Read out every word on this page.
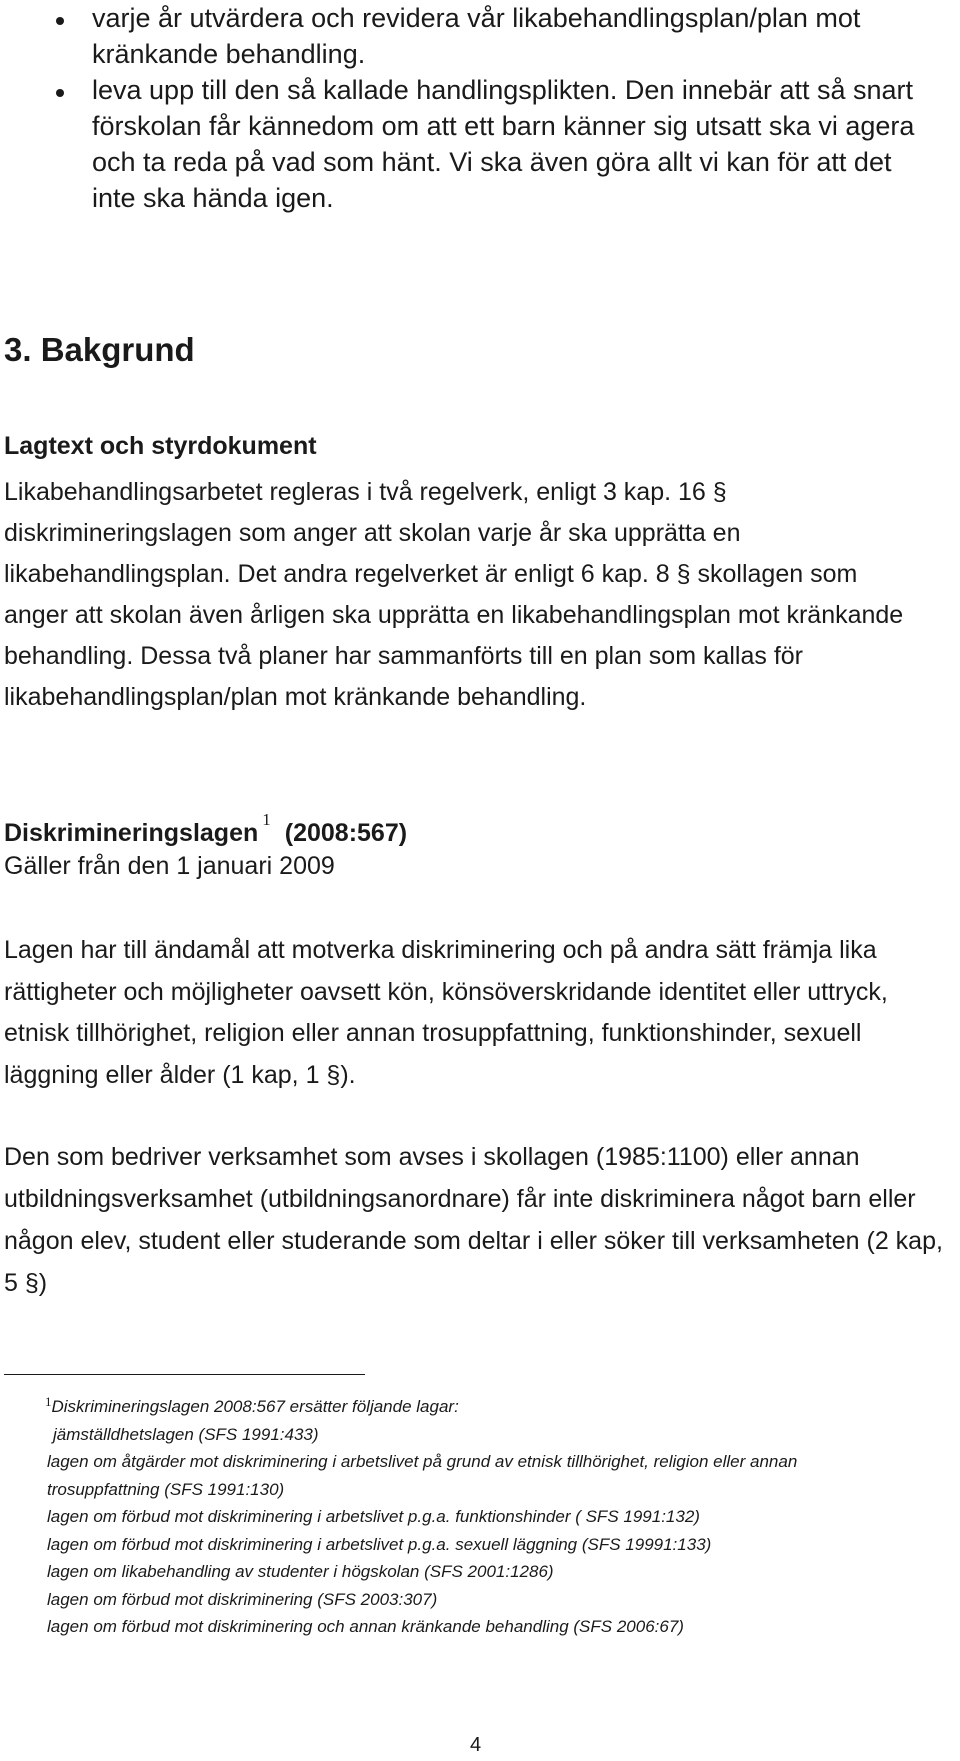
varje år utvärdera och revidera vår likabehandlingsplan/plan mot kränkande behandling.
leva upp till den så kallade handlingsplikten. Den innebär att så snart förskolan får kännedom om att ett barn känner sig utsatt ska vi agera och ta reda på vad som hänt. Vi ska även göra allt vi kan för att det inte ska hända igen.
3. Bakgrund
Lagtext och styrdokument

Likabehandlingsarbetet regleras i två regelverk, enligt 3 kap. 16 § diskrimineringslagen som anger att skolan varje år ska upprätta en likabehandlingsplan. Det andra regelverket är enligt 6 kap. 8 § skollagen som anger att skolan även årligen ska upprätta en likabehandlingsplan mot kränkande behandling. Dessa två planer har sammanförts till en plan som kallas för likabehandlingsplan/plan mot kränkande behandling.

Diskrimineringslagen $^1$ (2008:567)

Gäller från den 1 januari 2009

Lagen har till ändamål att motverka diskriminering och på andra sätt främja lika rättigheter och möjligheter oavsett kön, könsöverskridande identitet eller uttryck, etnisk tillhörighet, religion eller annan trosuppfattning, funktionshinder, sexuell läggning eller ålder (1 kap, 1 §).

Den som bedriver verksamhet som avses i skollagen (1985:1100) eller annan utbildningsverksamhet (utbildningsanordnare) får inte diskriminera något barn eller någon elev, student eller studerande som deltar i eller söker till verksamheten (2 kap, 5 §)

$^1$Diskrimineringslagen 2008:567 ersätter följande lagar:
jämställdhetslagen (SFS 1991:433)
lagen om åtgärder mot diskriminering i arbetslivet på grund av etnisk tillhörighet, religion eller annan
trosuppfattning (SFS 1991:130)
lagen om förbud mot diskriminering i arbetslivet p.g.a. funktionshinder ( SFS 1991:132)
lagen om förbud mot diskriminering i arbetslivet p.g.a. sexuell läggning (SFS 19991:133)
lagen om likabehandling av studenter i högskolan (SFS 2001:1286)
lagen om förbud mot diskriminering (SFS 2003:307)
lagen om förbud mot diskriminering och annan kränkande behandling (SFS 2006:67)

4
